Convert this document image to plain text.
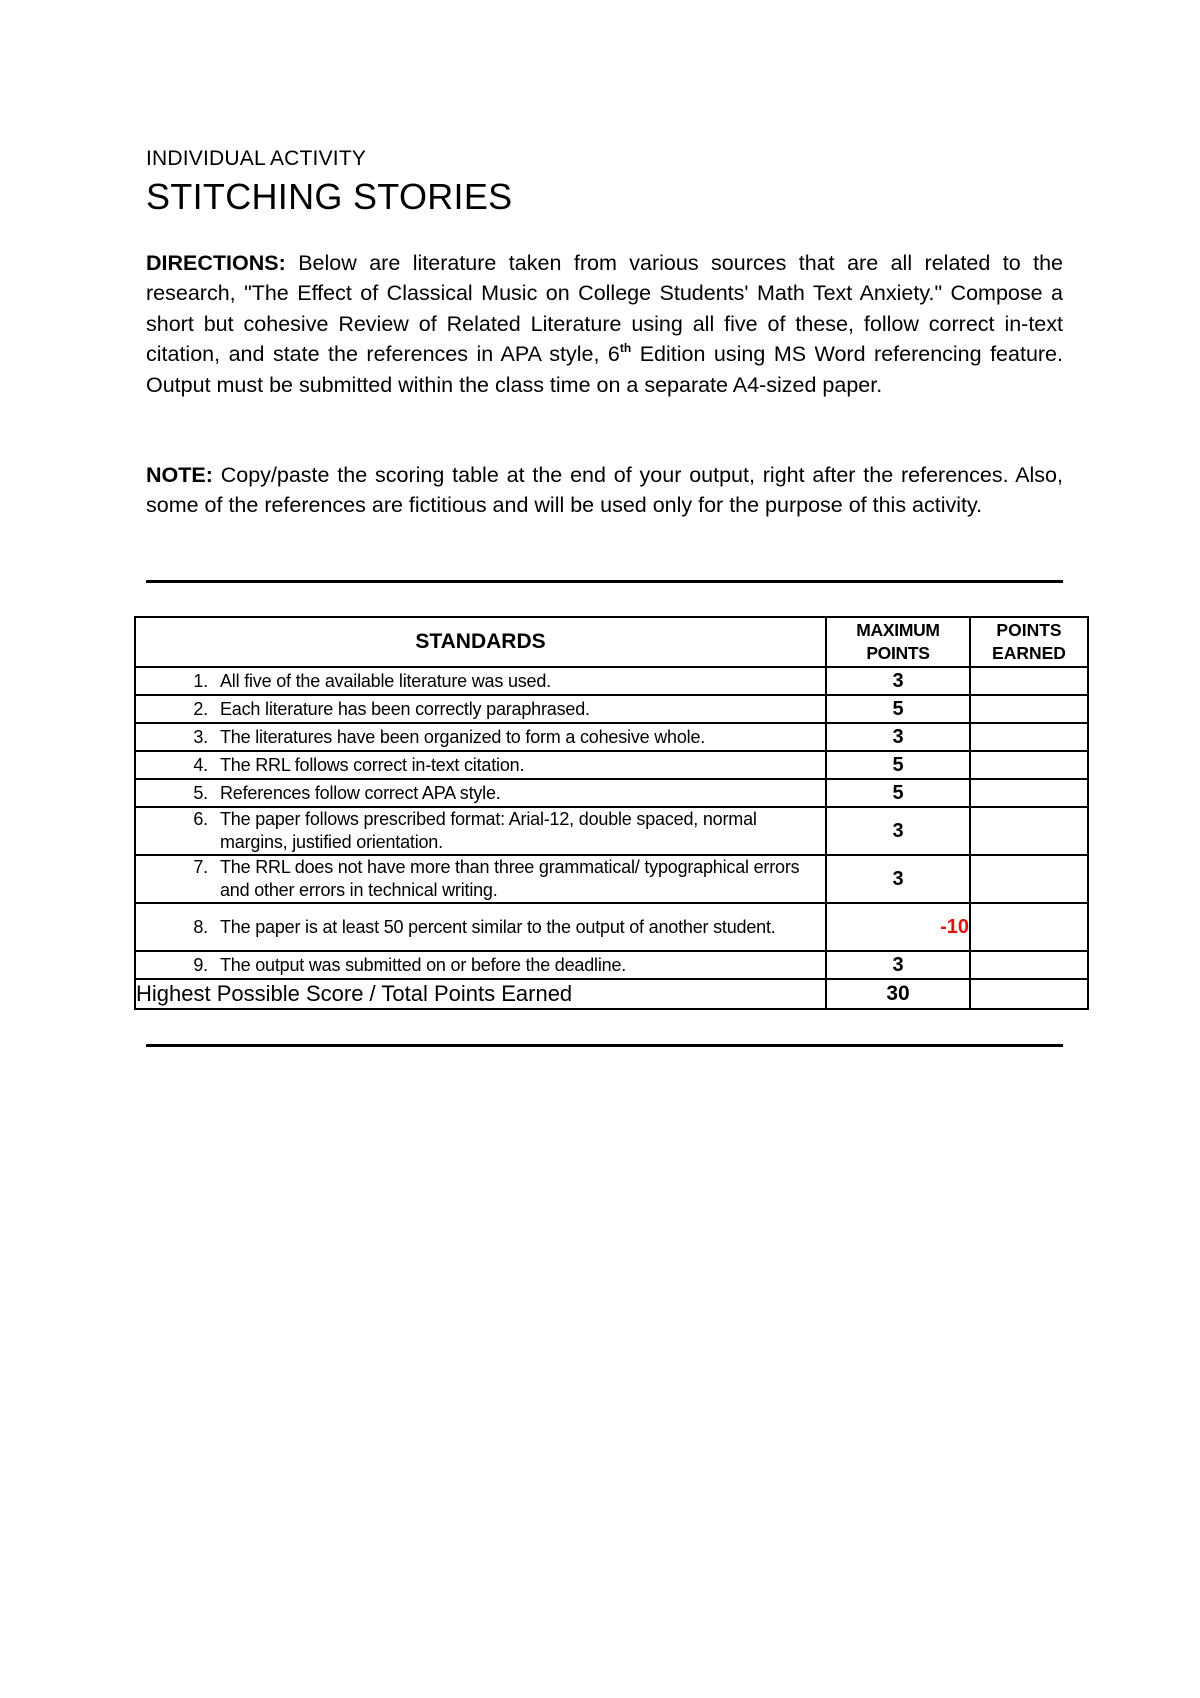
INDIVIDUAL ACTIVITY
STITCHING STORIES
DIRECTIONS: Below are literature taken from various sources that are all related to the research, "The Effect of Classical Music on College Students' Math Text Anxiety." Compose a short but cohesive Review of Related Literature using all five of these, follow correct in-text citation, and state the references in APA style, 6th Edition using MS Word referencing feature. Output must be submitted within the class time on a separate A4-sized paper.
NOTE: Copy/paste the scoring table at the end of your output, right after the references. Also, some of the references are fictitious and will be used only for the purpose of this activity.
STANDARDS	MAXIMUM POINTS	POINTS EARNED

1. All five of the available literature was used.	3	

2. Each literature has been correctly paraphrased.	5	

3. The literatures have been organized to form a cohesive whole.	3	

4. The RRL follows correct in-text citation.	5	

5. References follow correct APA style.	5	

6. The paper follows prescribed format: Arial-12, double spaced, normal margins, justified orientation.	3	

7. The RRL does not have more than three grammatical/ typographical errors and other errors in technical writing.	3	

8. The paper is at least 50 percent similar to the output of another student.	-10	

9. The output was submitted on or before the deadline.	3	
Highest Possible Score / Total Points Earned	30	
